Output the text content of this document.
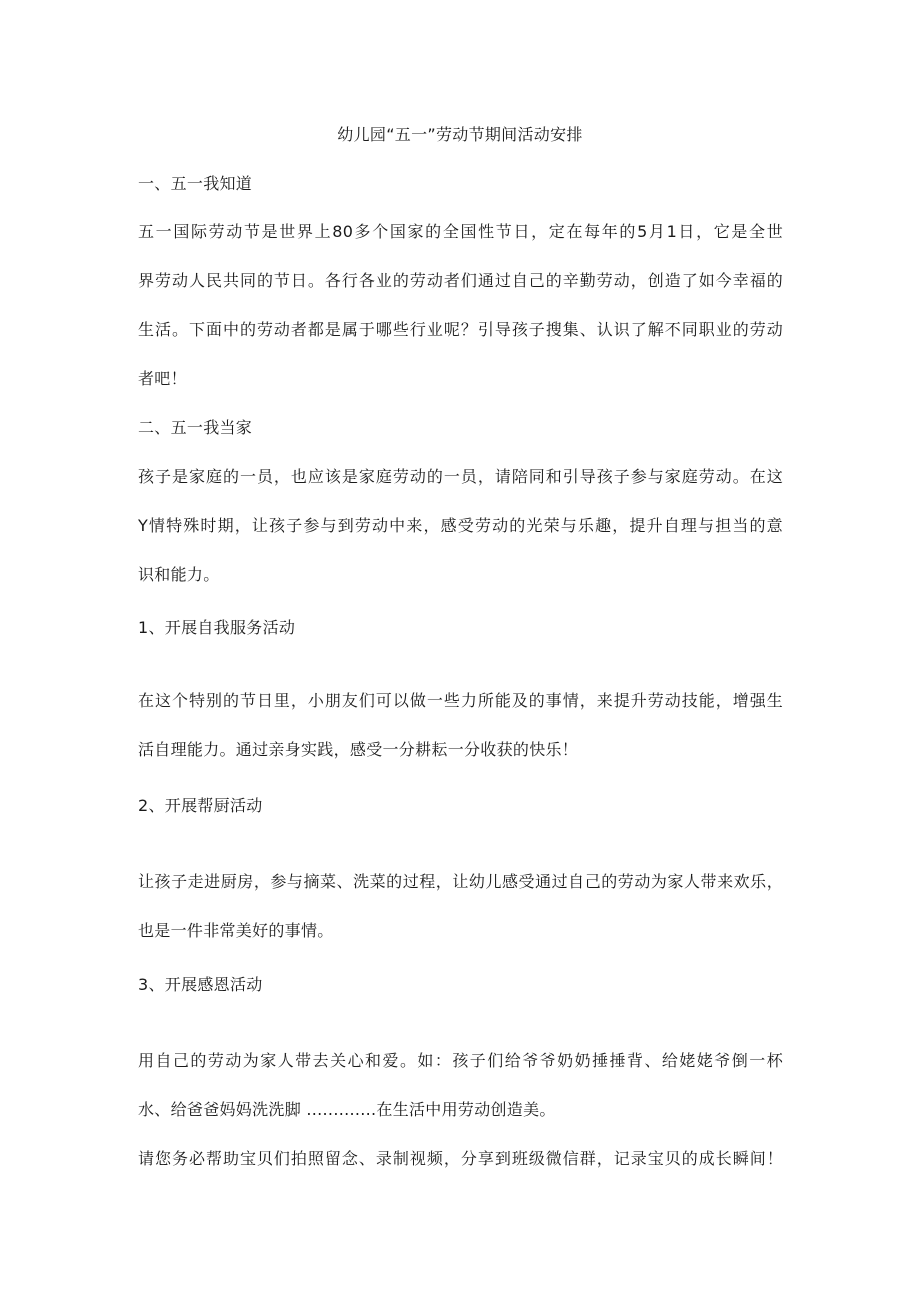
幼儿园“五一”劳动节期间活动安排
一、五一我知道
五一国际劳动节是世界上80多个国家的全国性节日，定在每年的5月1日，它是全世
界劳动人民共同的节日。各行各业的劳动者们通过自己的辛勤劳动，创造了如今幸福的
生活。下面中的劳动者都是属于哪些行业呢？引导孩子搜集、认识了解不同职业的劳动
者吧！
二、五一我当家
孩子是家庭的一员，也应该是家庭劳动的一员，请陪同和引导孩子参与家庭劳动。在这
Y情特殊时期，让孩子参与到劳动中来，感受劳动的光荣与乐趣，提升自理与担当的意
识和能力。
1、开展自我服务活动
在这个特别的节日里，小朋友们可以做一些力所能及的事情，来提升劳动技能，增强生
活自理能力。通过亲身实践，感受一分耕耘一分收获的快乐！
2、开展帮厨活动
让孩子走进厨房，参与摘菜、洗菜的过程，让幼儿感受通过自己的劳动为家人带来欢乐，
也是一件非常美好的事情。
3、开展感恩活动
用自己的劳动为家人带去关心和爱。如：孩子们给爷爷奶奶捶捶背、给姥姥爷倒一杯
水、给爸爸妈妈洗洗脚 .............在生活中用劳动创造美。
请您务必帮助宝贝们拍照留念、录制视频，分享到班级微信群，记录宝贝的成长瞬间！
